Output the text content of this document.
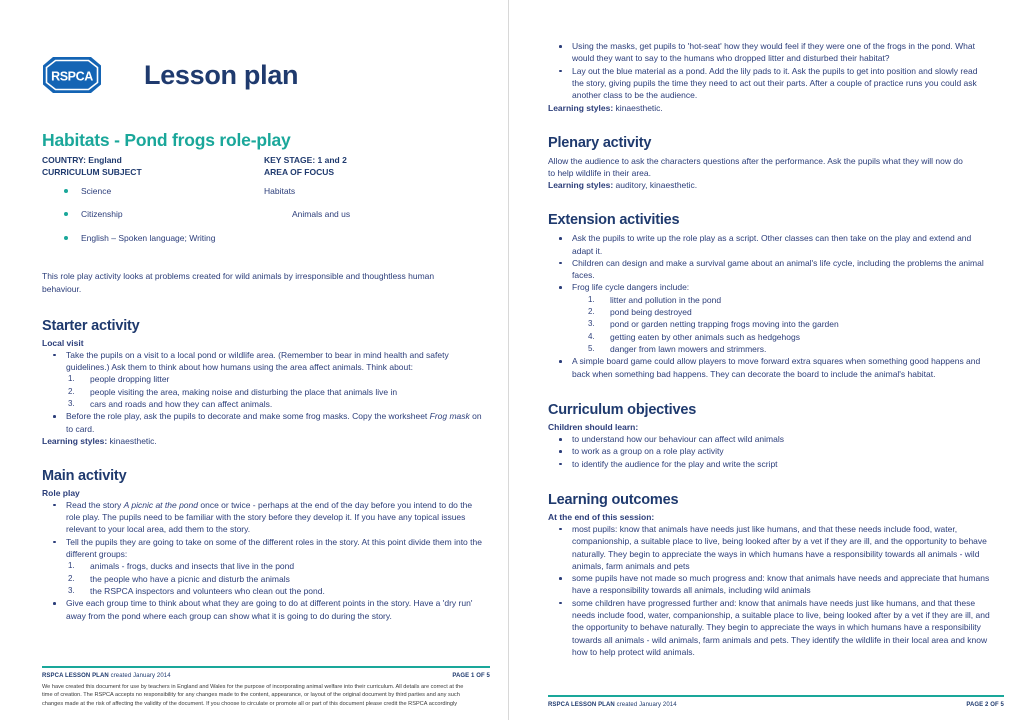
RSPCA Lesson plan
Habitats - Pond frogs role-play
COUNTRY: England	KEY STAGE: 1 and 2
CURRICULUM SUBJECT	AREA OF FOCUS
Science	Habitats
Citizenship	Animals and us
English – Spoken language; Writing

This role play activity looks at problems created for wild animals by irresponsible and thoughtless human behaviour.

Starter activity
Local visit
Take the pupils on a visit to a local pond or wildlife area. (Remember to bear in mind health and safety guidelines.) Ask them to think about how humans using the area affect animals. Think about:
people dropping litter
people visiting the area, making noise and disturbing the place that animals live in
cars and roads and how they can affect animals.
Before the role play, ask the pupils to decorate and make some frog masks. Copy the worksheet Frog mask on to card.
Learning styles: kinaesthetic.
Main activity
Role play
Read the story A picnic at the pond once or twice - perhaps at the end of the day before you intend to do the role play. The pupils need to be familiar with the story before they develop it. If you have any topical issues relevant to your local area, add them to the story.
Tell the pupils they are going to take on some of the different roles in the story. At this point divide them into the different groups:
animals - frogs, ducks and insects that live in the pond
the people who have a picnic and disturb the animals
the RSPCA inspectors and volunteers who clean out the pond.
Give each group time to think about what they are going to do at different points in the story. Have a 'dry run' away from the pond where each group can show what it is going to do during the story.
RSPCA LESSON PLAN created January 2014	PAGE 1 OF 5
We have created this document for use by teachers in England and Wales for the purpose of incorporating animal welfare into their curriculum. All details are correct at the time of creation. The RSPCA accepts no responsibility for any changes made to the content, appearance, or layout of the original document by third parties and any such changes made at the risk of affecting the validity of the document. If you choose to circulate or promote all or part of this document please credit the RSPCA accordingly
Using the masks, get pupils to 'hot-seat' how they would feel if they were one of the frogs in the pond. What would they want to say to the humans who dropped litter and disturbed their habitat?
Lay out the blue material as a pond. Add the lily pads to it. Ask the pupils to get into position and slowly read the story, giving pupils the time they need to act out their parts. After a couple of practice runs you could ask another class to be the audience.
Learning styles: kinaesthetic.
Plenary activity

Allow the audience to ask the characters questions after the performance. Ask the pupils what they will now do to help wildlife in their area.

Learning styles: auditory, kinaesthetic.
Extension activities
Ask the pupils to write up the role play as a script. Other classes can then take on the play and extend and adapt it.
Children can design and make a survival game about an animal's life cycle, including the problems the animal faces.
Frog life cycle dangers include:
litter and pollution in the pond
pond being destroyed
pond or garden netting trapping frogs moving into the garden
getting eaten by other animals such as hedgehogs
danger from lawn mowers and strimmers.
A simple board game could allow players to move forward extra squares when something good happens and back when something bad happens. They can decorate the board to include the animal's habitat.
Curriculum objectives
Children should learn:
to understand how our behaviour can affect wild animals
to work as a group on a role play activity
to identify the audience for the play and write the script
Learning outcomes
At the end of this session:
most pupils: know that animals have needs just like humans, and that these needs include food, water, companionship, a suitable place to live, being looked after by a vet if they are ill, and the opportunity to behave naturally. They begin to appreciate the ways in which humans have a responsibility towards all animals - wild animals, farm animals and pets
some pupils have not made so much progress and: know that animals have needs and appreciate that humans have a responsibility towards all animals, including wild animals
some children have progressed further and: know that animals have needs just like humans, and that these needs include food, water, companionship, a suitable place to live, being looked after by a vet if they are ill, and the opportunity to behave naturally. They begin to appreciate the ways in which humans have a responsibility towards all animals - wild animals, farm animals and pets. They identify the wildlife in their local area and know how to help protect wild animals.
RSPCA LESSON PLAN created January 2014	PAGE 2 OF 5
